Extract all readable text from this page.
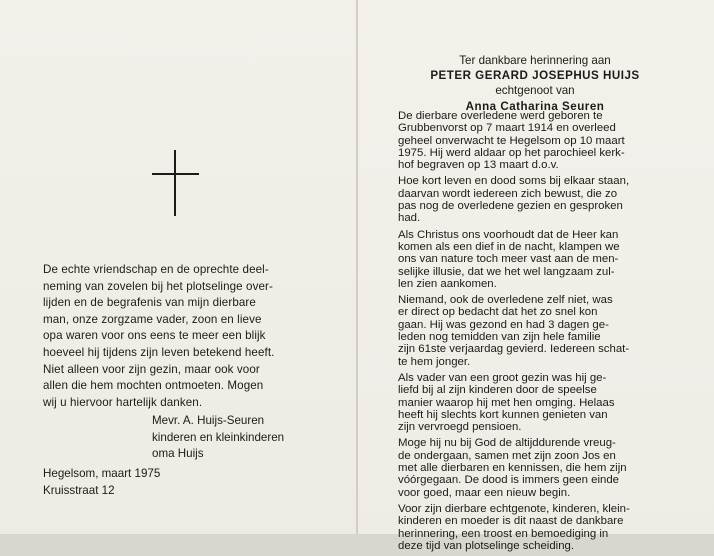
De echte vriendschap en de oprechte deel-
neming van zovelen bij het plotselinge over-
lijden en de begrafenis van mijn dierbare
man, onze zorgzame vader, zoon en lieve
opa waren voor ons eens te meer een blijk
hoeveel hij tijdens zijn leven betekend heeft.
Niet alleen voor zijn gezin, maar ook voor
allen die hem mochten ontmoeten. Mogen
wij u hiervoor hartelijk danken.
Mevr. A. Huijs-Seuren
kinderen en kleinkinderen
oma Huijs
Hegelsom, maart 1975
Kruisstraat 12
Ter dankbare herinnering aan
PETER GERARD JOSEPHUS HUIJS
echtgenoot van
Anna Catharina Seuren

De dierbare overledene werd geboren te
Grubbenvorst op 7 maart 1914 en overleed
geheel onverwacht te Hegelsom op 10 maart
1975. Hij werd aldaar op het parochieel kerk-
hof begraven op 13 maart d.o.v.

Hoe kort leven en dood soms bij elkaar staan,
daarvan wordt iedereen zich bewust, die zo
pas nog de overledene gezien en gesproken
had.

Als Christus ons voorhoudt dat de Heer kan
komen als een dief in de nacht, klampen we
ons van nature toch meer vast aan de men-
selijke illusie, dat we het wel langzaam zul-
len zien aankomen.

Niemand, ook de overledene zelf niet, was
er direct op bedacht dat het zo snel kon
gaan. Hij was gezond en had 3 dagen ge-
leden nog temidden van zijn hele familie
zijn 61ste verjaardag gevierd. Iedereen schat-
te hem jonger.

Als vader van een groot gezin was hij ge-
liefd bij al zijn kinderen door de speelse
manier waarop hij met hen omging. Helaas
heeft hij slechts kort kunnen genieten van
zijn vervroegd pensioen.

Moge hij nu bij God de altijddurende vreug-
de ondergaan, samen met zijn zoon Jos en
met alle dierbaren en kennissen, die hem zijn
vóórgegaan. De dood is immers geen einde
voor goed, maar een nieuw begin.

Voor zijn dierbare echtgenote, kinderen, klein-
kinderen en moeder is dit naast de dankbare
herinnering, een troost en bemoediging in
deze tijd van plotselinge scheiding.
